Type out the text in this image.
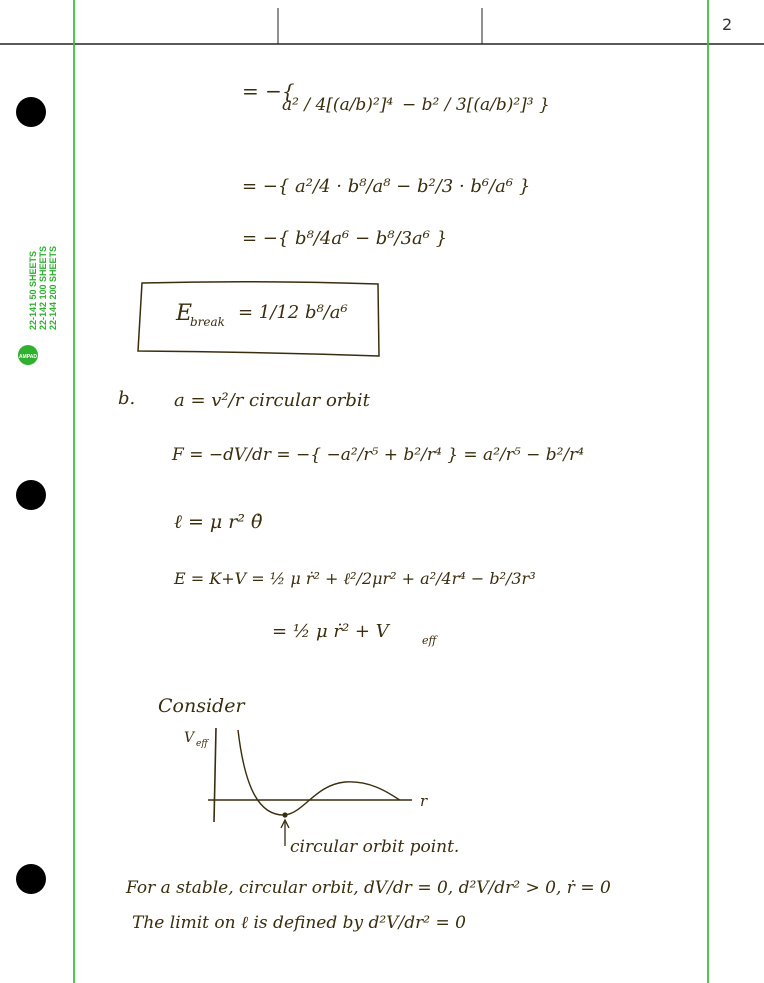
2
22-141 50 SHEETS 22-142 100 SHEETS 22-144 200 SHEETS
AMPAD
= −{
a² / 4[(a/b)²]⁴ − b² / 3[(a/b)²]³ }
= −{ a²/4 · b⁸/a⁸ − b²/3 · b⁶/a⁶ }
= −{ b⁸/4a⁶ − b⁸/3a⁶ }
E
break = 1/12 b⁸/a⁶
b. a = v²/r circular orbit
F = −dV/dr = −{ −a²/r⁵ + b²/r⁴ } = a²/r⁵ − b²/r⁴
ℓ = μ r² θ̇
E = K+V = ½ μ ṙ² + ℓ²/2μr² + a²/4r⁴ − b²/3r³
= ½ μ ṙ² + V	eff
Consider
V eff
r
circular orbit point.
For a stable, circular orbit, dV/dr = 0, d²V/dr² > 0, ṙ = 0
The limit on ℓ is defined by d²V/dr² = 0
